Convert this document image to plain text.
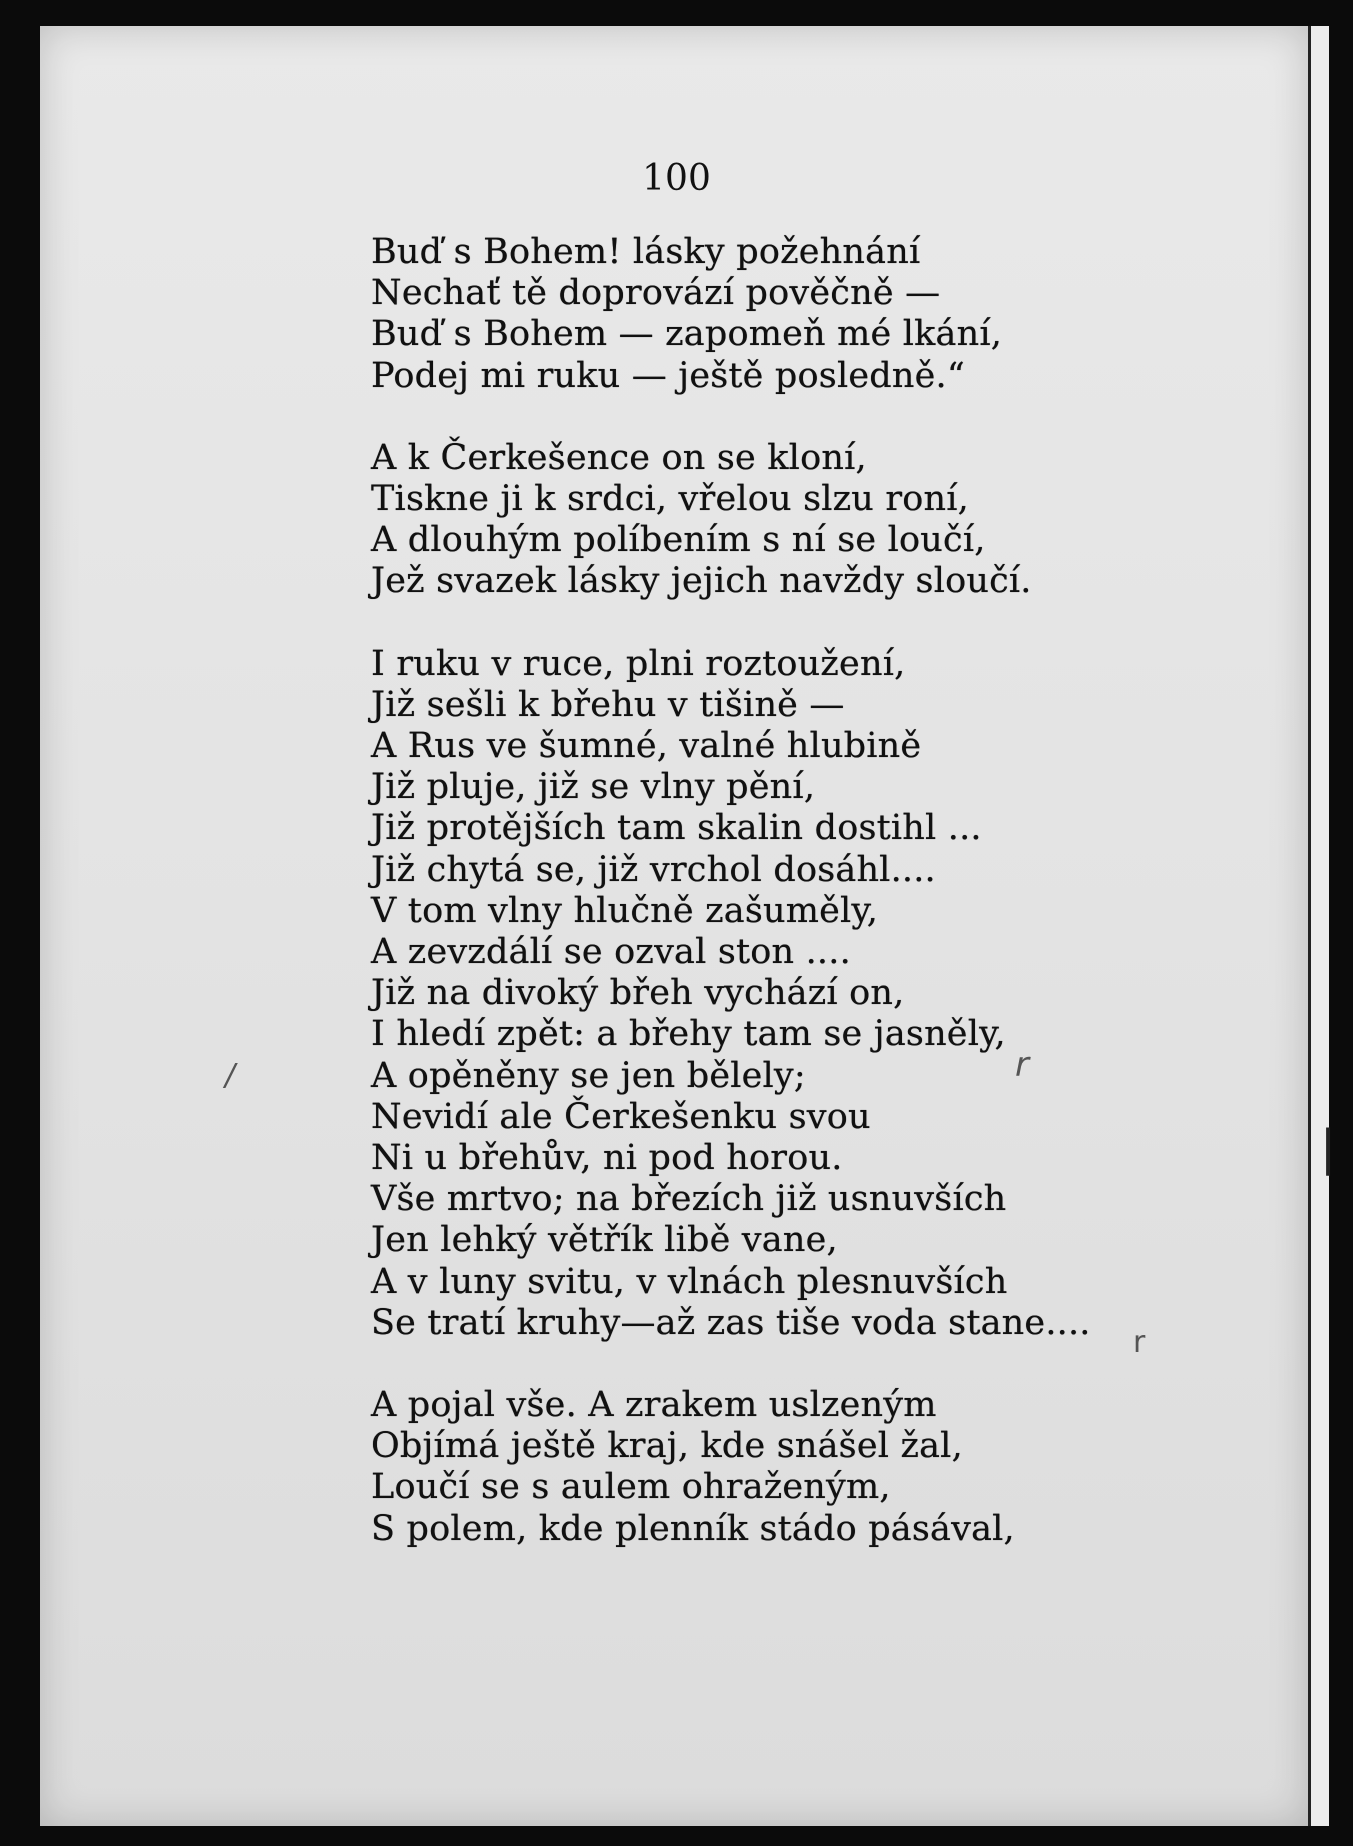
100
Buď s Bohem! lásky požehnání
Nechať tě doprovází pověčně —
Buď s Bohem — zapomeň mé lkání,
Podej mi ruku — ještě posledně.“
A k Čerkešence on se kloní,
Tiskne ji k srdci, vřelou slzu roní,
A dlouhým políbením s ní se loučí,
Jež svazek lásky jejich navždy sloučí.
I ruku v ruce, plni roztoužení,
Již sešli k břehu v tišině —
A Rus ve šumné, valné hlubině
Již pluje, již se vlny pění,
Již protějších tam skalin dostihl ...
Již chytá se, již vrchol dosáhl....
V tom vlny hlučně zašuměly,
A zevzdálí se ozval ston ....
Již na divoký břeh vychází on,
I hledí zpět: a břehy tam se jasněly,
A opěněny se jen bělely;
Nevidí ale Čerkešenku svou
Ni u břehův, ni pod horou.
Vše mrtvo; na březích již usnuvších
Jen lehký větřík libě vane,
A v luny svitu, v vlnách plesnuvších
Se tratí kruhy—až zas tiše voda stane....
A pojal vše. A zrakem uslzeným
Objímá ještě kraj, kde snášel žal,
Loučí se s aulem ohraženým,
S polem, kde plenník stádo pásával,
r
/
r
|
